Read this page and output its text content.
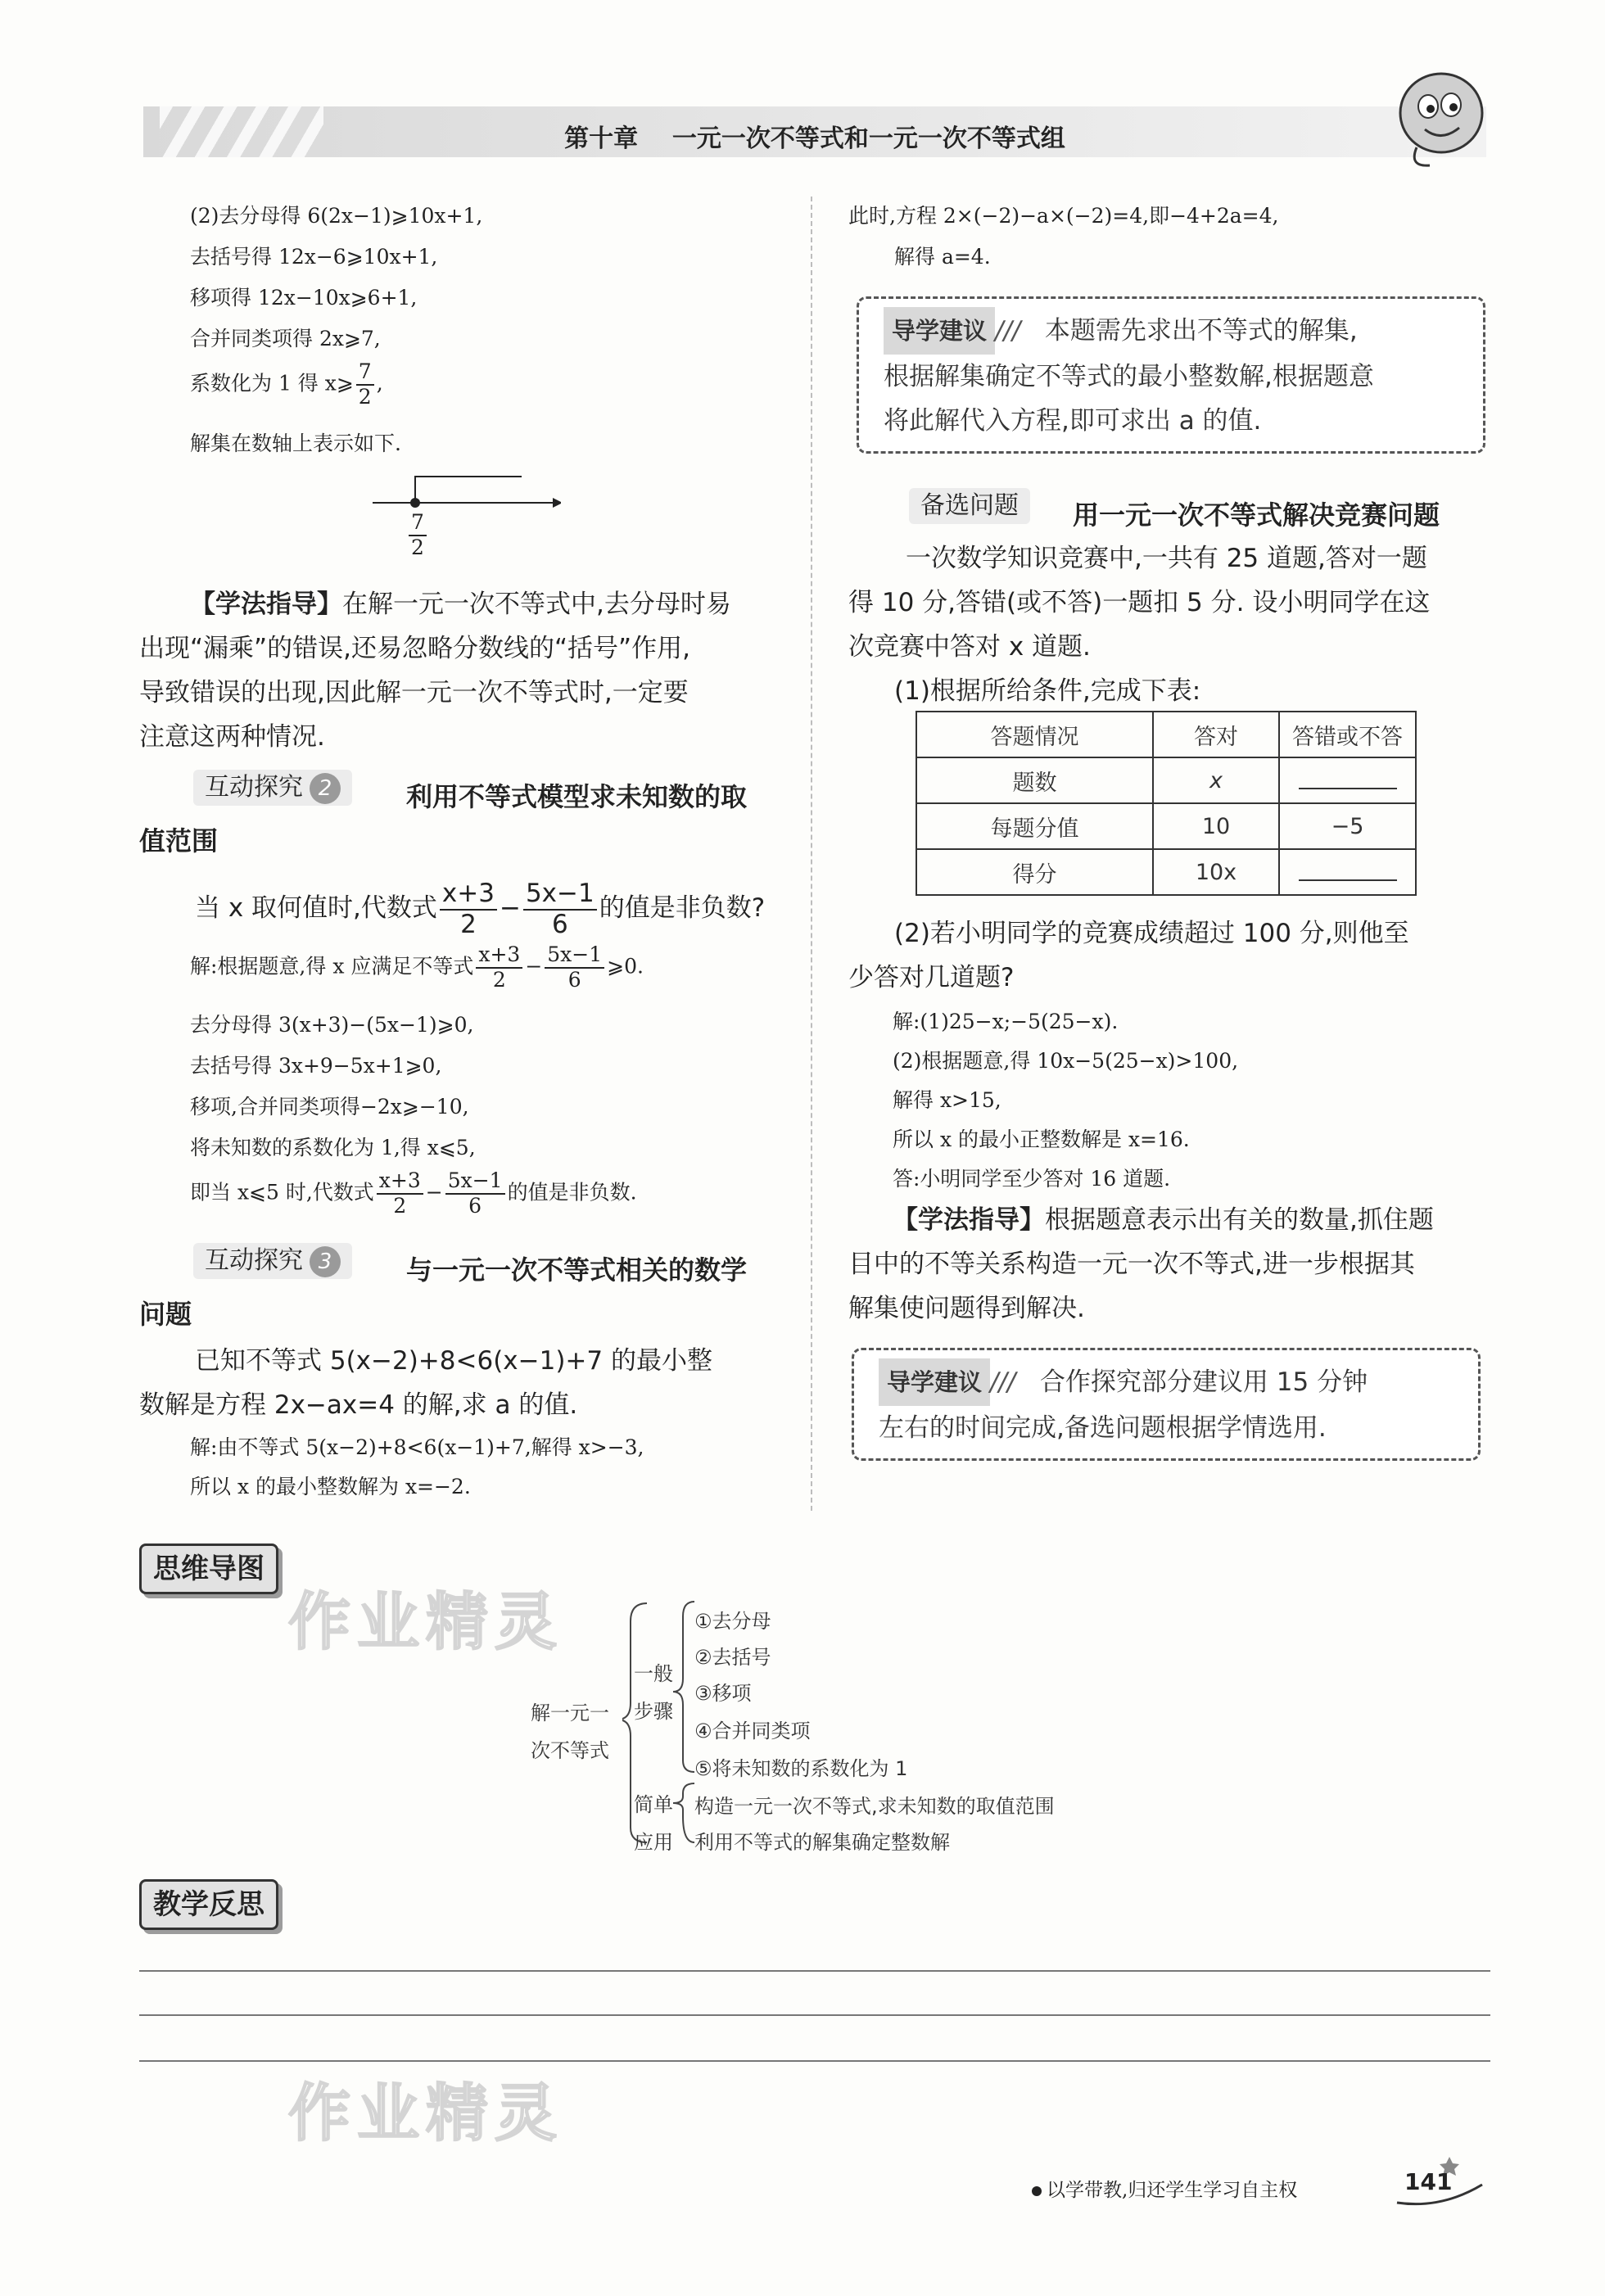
第十章 一元一次不等式和一元一次不等式组
(2)去分母得 6(2x−1)⩾10x+1,
去括号得 12x−6⩾10x+1,
移项得 12x−10x⩾6+1,
合并同类项得 2x⩾7,
系数化为 1 得 x⩾ $\frac{7}{2}$ ,
解集在数轴上表示如下.
$\frac{7}{2}$
【学法指导】在解一元一次不等式中,去分母时易
出现“漏乘”的错误,还易忽略分数线的“括号”作用,
导致错误的出现,因此解一元一次不等式时,一定要
注意这两种情况.
互动探究 2	利用不等式模型求未知数的取
值范围
当 x 取何值时,代数式 $\frac{x+3}{2} - \frac{5x-1}{6}$ 的值是非负数?
解:根据题意,得 x 应满足不等式 $\frac{x+3}{2} - \frac{5x-1}{6}$ ⩾0.
去分母得 3(x+3)−(5x−1)⩾0,
去括号得 3x+9−5x+1⩾0,
移项,合并同类项得−2x⩾−10,
将未知数的系数化为 1,得 x⩽5,
即当 x⩽5 时,代数式 $\frac{x+3}{2} - \frac{5x-1}{6}$ 的值是非负数.
互动探究 3	与一元一次不等式相关的数学
问题
已知不等式 5(x−2)+8<6(x−1)+7 的最小整
数解是方程 2x−ax=4 的解,求 a 的值.
解:由不等式 5(x−2)+8<6(x−1)+7,解得 x>−3,
所以 x 的最小整数解为 x=−2.
此时,方程 2×(−2)−a×(−2)=4,即−4+2a=4,
解得 a=4.
导学建议 /// 本题需先求出不等式的解集,
根据解集确定不等式的最小整数解,根据题意
将此解代入方程,即可求出 a 的值.
备选问题	用一元一次不等式解决竞赛问题
一次数学知识竞赛中,一共有 25 道题,答对一题
得 10 分,答错(或不答)一题扣 5 分. 设小明同学在这
次竞赛中答对 x 道题.
(1)根据所给条件,完成下表:
答题情况	答对	答错或不答
题数	x	
每题分值	10	−5
得分	10x	
(2)若小明同学的竞赛成绩超过 100 分,则他至
少答对几道题?
解:(1)25−x;−5(25−x).
(2)根据题意,得 10x−5(25−x)>100,
解得 x>15,
所以 x 的最小正整数解是 x=16.
答:小明同学至少答对 16 道题.
【学法指导】根据题意表示出有关的数量,抓住题
目中的不等关系构造一元一次不等式,进一步根据其
解集使问题得到解决.
导学建议 /// 合作探究部分建议用 15 分钟
左右的时间完成,备选问题根据学情选用.
思维导图
作业精灵
解一元一
次不等式
一般
步骤
①去分母
②去括号
③移项
④合并同类项
⑤将未知数的系数化为 1
简单
应用
构造一元一次不等式,求未知数的取值范围
利用不等式的解集确定整数解
教学反思
作业精灵
以学带教,归还学生学习自主权	141
